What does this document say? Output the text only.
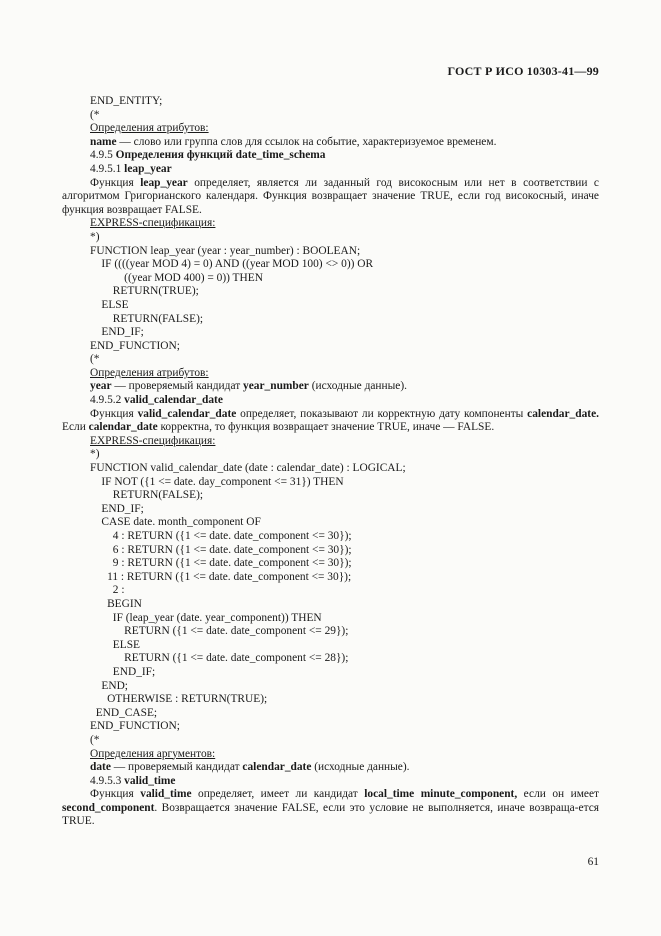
ГОСТ Р ИСО 10303-41—99
END_ENTITY;
(*
Определения атрибутов:
name — слово или группа слов для ссылок на событие, характеризуемое временем.
4.9.5 Определения функций date_time_schema
4.9.5.1 leap_year
Функция leap_year определяет, является ли заданный год високосным или нет в соответствии с алгоритмом Григорианского календаря. Функция возвращает значение TRUE, если год високосный, иначе функция возвращает FALSE.
EXPRESS-спецификация:
*)
FUNCTION leap_year (year : year_number) : BOOLEAN;
IF ((((year MOD 4) = 0) AND ((year MOD 100) <> 0)) OR
((year MOD 400) = 0)) THEN
RETURN(TRUE);
ELSE
RETURN(FALSE);
END_IF;
END_FUNCTION;
(*
Определения атрибутов:
year — проверяемый кандидат year_number (исходные данные).
4.9.5.2 valid_calendar_date
Функция valid_calendar_date определяет, показывают ли корректную дату компоненты calendar_date. Если calendar_date корректна, то функция возвращает значение TRUE, иначе — FALSE.
EXPRESS-спецификация:
*)
FUNCTION valid_calendar_date (date : calendar_date) : LOGICAL;
IF NOT ({1 <= date. day_component <= 31}) THEN
RETURN(FALSE);
END_IF;
CASE date. month_component OF
4 : RETURN ({1 <= date. date_component <= 30});
6 : RETURN ({1 <= date. date_component <= 30});
9 : RETURN ({1 <= date. date_component <= 30});
11 : RETURN ({1 <= date. date_component <= 30});
2 :
BEGIN
IF (leap_year (date. year_component)) THEN
RETURN ({1 <= date. date_component <= 29});
ELSE
RETURN ({1 <= date. date_component <= 28});
END_IF;
END;
OTHERWISE : RETURN(TRUE);
END_CASE;
END_FUNCTION;
(*
Определения аргументов:
date — проверяемый кандидат calendar_date (исходные данные).
4.9.5.3 valid_time
Функция valid_time определяет, имеет ли кандидат local_time minute_component, если он имеет second_component. Возвращается значение FALSE, если это условие не выполняется, иначе возвраща-ется TRUE.
61
